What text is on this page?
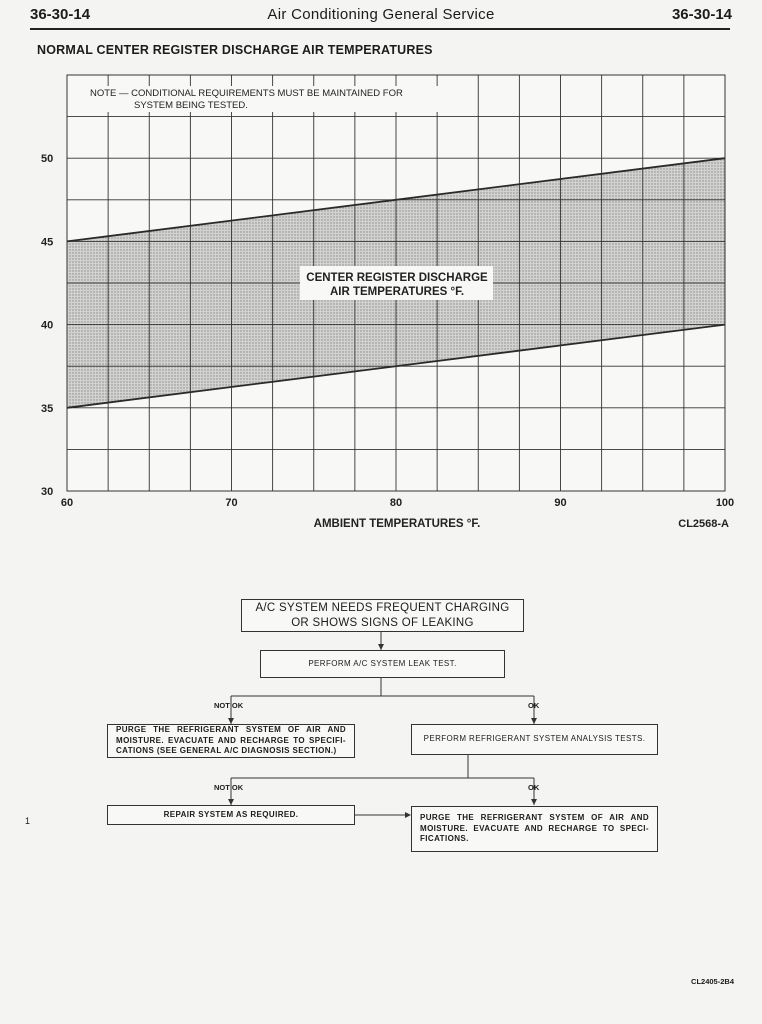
36-30-14	Air Conditioning General Service	36-30-14
NORMAL CENTER REGISTER DISCHARGE AIR TEMPERATURES
30
35
40
45
50
60	70	80	90	100
NOTE — CONDITIONAL REQUIREMENTS MUST BE MAINTAINED FOR
SYSTEM BEING TESTED.
CENTER REGISTER DISCHARGE
AIR TEMPERATURES °F.
AMBIENT TEMPERATURES °F.	CL2568-A
A/C SYSTEM NEEDS FREQUENT CHARGING
OR SHOWS SIGNS OF LEAKING
PERFORM A/C SYSTEM LEAK TEST.
NOT OK	OK
PURGE THE REFRIGERANT SYSTEM OF AIR AND MOISTURE. EVACUATE AND RECHARGE TO SPECIFI-CATIONS (SEE GENERAL A/C DIAGNOSIS SECTION.)
PERFORM REFRIGERANT SYSTEM ANALYSIS TESTS.
NOT OK	OK
REPAIR SYSTEM AS REQUIRED.	PURGE THE REFRIGERANT SYSTEM OF AIR AND MOISTURE. EVACUATE AND RECHARGE TO SPECI-FICATIONS.
1
CL2405-2B4
